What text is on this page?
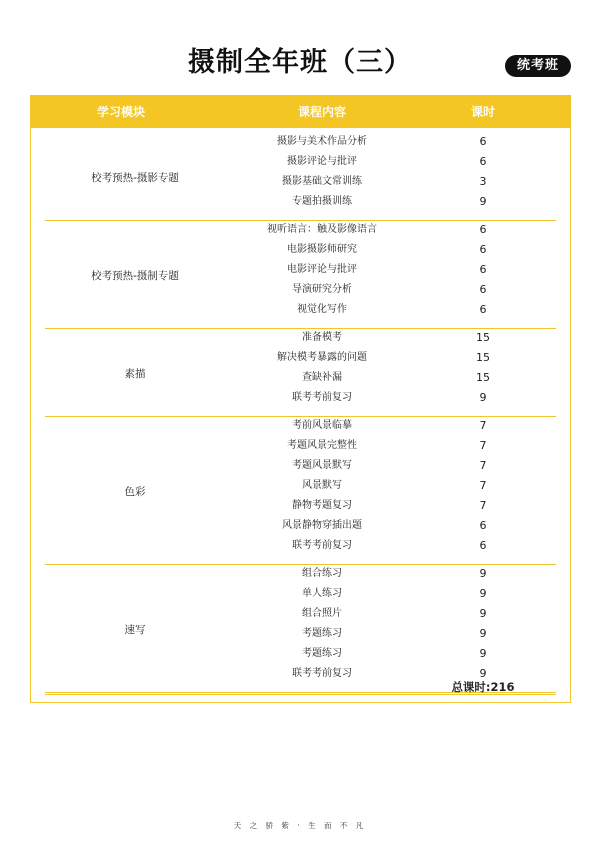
摄制全年班（三）	统考班
学习模块	课程内容	课时
校考预热-摄影专题
摄影与美术作品分析	6
摄影评论与批评	6
摄影基础文常训练	3
专题拍摄训练	9
校考预热-摄制专题
视听语言：触及影像语言	6
电影摄影师研究	6
电影评论与批评	6
导演研究分析	6
视觉化写作	6
素描
准备模考	15
解决模考暴露的问题	15
查缺补漏	15
联考考前复习	9
色彩
考前风景临摹	7
考题风景完整性	7
考题风景默写	7
风景默写	7
静物考题复习	7
风景静物穿插出题	6
联考考前复习	6
速写
组合练习	9
单人练习	9
组合照片	9
考题练习	9
考题练习	9
联考考前复习	9
总课时:216
天 之 骄 紫 · 生 而 不 凡
